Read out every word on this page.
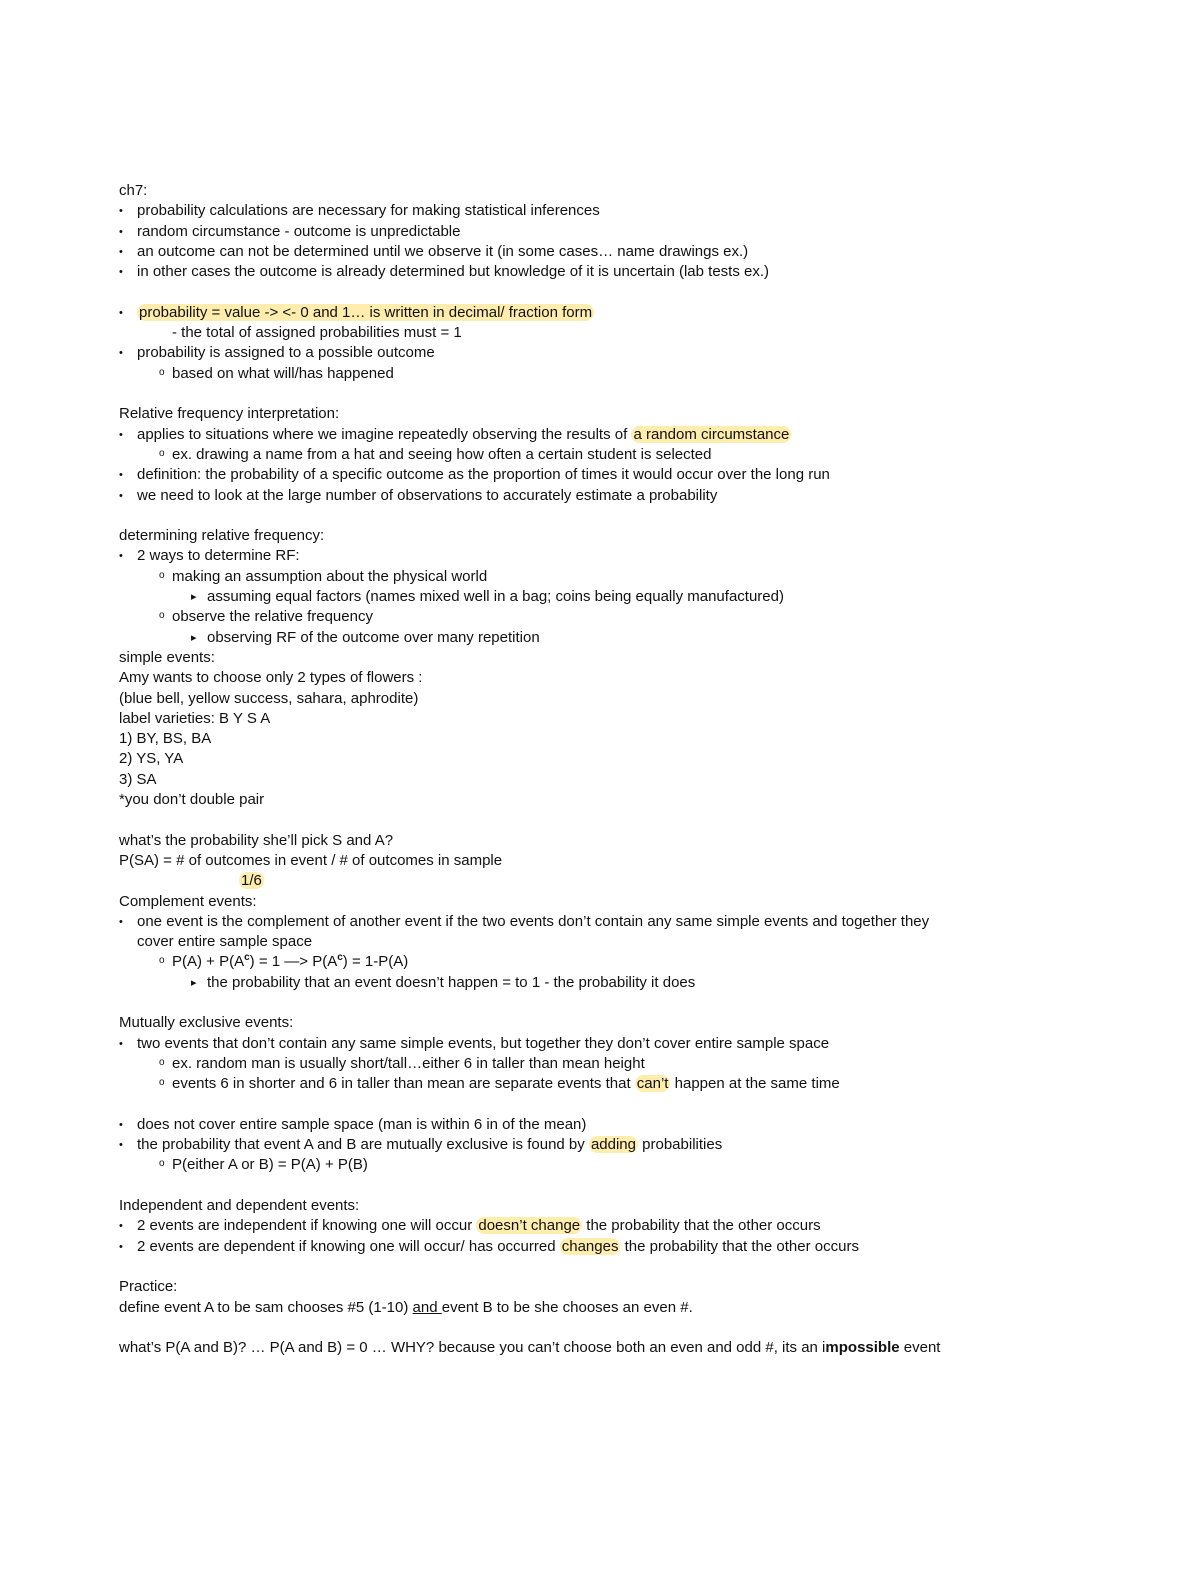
ch7:
• probability calculations are necessary for making statistical inferences
• random circumstance - outcome is unpredictable
• an outcome can not be determined until we observe it (in some cases… name drawings ex.)
• in other cases the outcome is already determined but knowledge of it is uncertain (lab tests ex.)
• probability = value -> <- 0 and 1… is written in decimal/ fraction form
- the total of assigned probabilities must = 1
• probability is assigned to a possible outcome
o based on what will/has happened
Relative frequency interpretation:
• applies to situations where we imagine repeatedly observing the results of a random circumstance
o ex. drawing a name from a hat and seeing how often a certain student is selected
• definition: the probability of a specific outcome as the proportion of times it would occur over the long run
• we need to look at the large number of observations to accurately estimate a probability
determining relative frequency:
• 2 ways to determine RF:
o making an assumption about the physical world
▸ assuming equal factors (names mixed well in a bag; coins being equally manufactured)
o observe the relative frequency
▸ observing RF of the outcome over many repetition
simple events:
Amy wants to choose only 2 types of flowers :
(blue bell, yellow success, sahara, aphrodite)
label varieties: B Y S A
1) BY, BS, BA
2) YS, YA
3) SA
*you don’t double pair
what’s the probability she’ll pick S and A?
P(SA) = # of outcomes in event / # of outcomes in sample
1/6
Complement events:
• one event is the complement of another event if the two events don’t contain any same simple events and together they
cover entire sample space
o $P(A) + P(A^c) = 1$ —> $P(A^c) = 1-P(A)$
▸ the probability that an event doesn’t happen = to 1 - the probability it does
Mutually exclusive events:
• two events that don’t contain any same simple events, but together they don’t cover entire sample space
o ex. random man is usually short/tall…either 6 in taller than mean height
o events 6 in shorter and 6 in taller than mean are separate events that can’t happen at the same time
• does not cover entire sample space (man is within 6 in of the mean)
• the probability that event A and B are mutually exclusive is found by adding probabilities
o P(either A or B) = P(A) + P(B)
Independent and dependent events:
• 2 events are independent if knowing one will occur doesn’t change the probability that the other occurs
• 2 events are dependent if knowing one will occur/ has occurred changes the probability that the other occurs
Practice:
define event A to be sam chooses #5 (1-10) and event B to be she chooses an even #.
what’s P(A and B)? … P(A and B) = 0 … WHY? because you can’t choose both an even and odd #, its an impossible event
